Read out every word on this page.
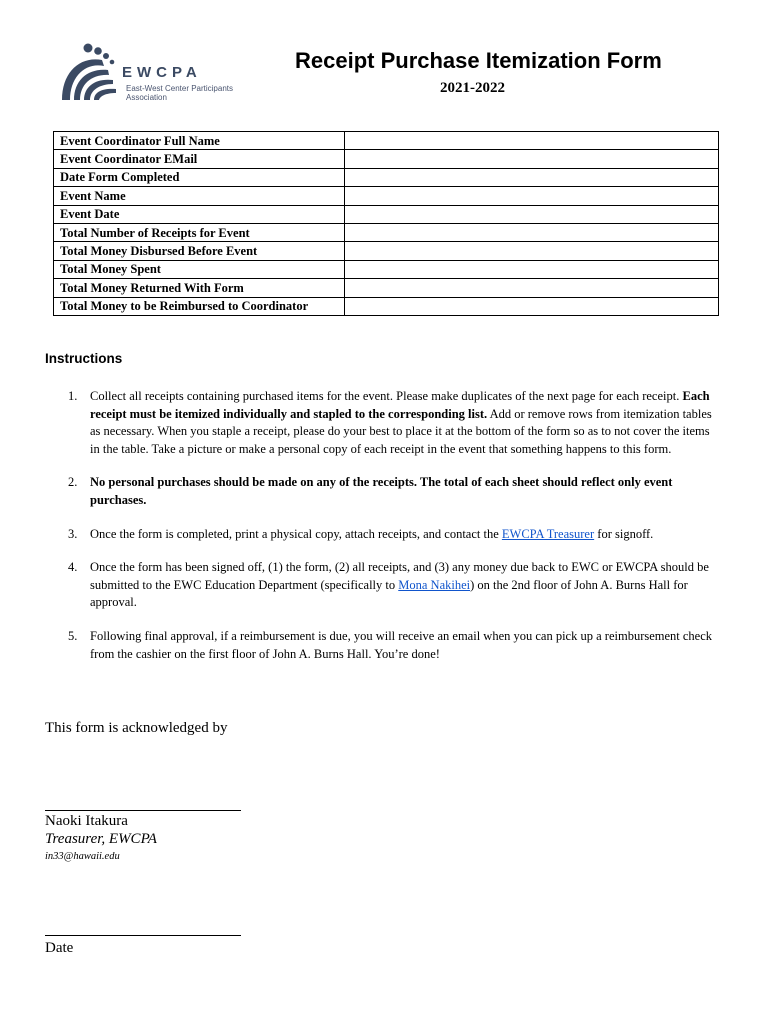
EWCPA
East-West Center Participants Association
Receipt Purchase Itemization Form
2021-2022
Event Coordinator Full Name	
Event Coordinator EMail	
Date Form Completed	
Event Name	
Event Date	
Total Number of Receipts for Event	
Total Money Disbursed Before Event	
Total Money Spent	
Total Money Returned With Form	
Total Money to be Reimbursed to Coordinator	
Instructions
1. Collect all receipts containing purchased items for the event. Please make duplicates of the next page for each receipt. Each receipt must be itemized individually and stapled to the corresponding list. Add or remove rows from itemization tables as necessary. When you staple a receipt, please do your best to place it at the bottom of the form so as to not cover the items in the table. Take a picture or make a personal copy of each receipt in the event that something happens to this form.
2. No personal purchases should be made on any of the receipts. The total of each sheet should reflect only event purchases.
3. Once the form is completed, print a physical copy, attach receipts, and contact the EWCPA Treasurer for signoff.
4. Once the form has been signed off, (1) the form, (2) all receipts, and (3) any money due back to EWC or EWCPA should be submitted to the EWC Education Department (specifically to Mona Nakihei) on the 2nd floor of John A. Burns Hall for approval.
5. Following final approval, if a reimbursement is due, you will receive an email when you can pick up a reimbursement check from the cashier on the first floor of John A. Burns Hall. You’re done!
This form is acknowledged by
Naoki Itakura
Treasurer, EWCPA
in33@hawaii.edu
Date
